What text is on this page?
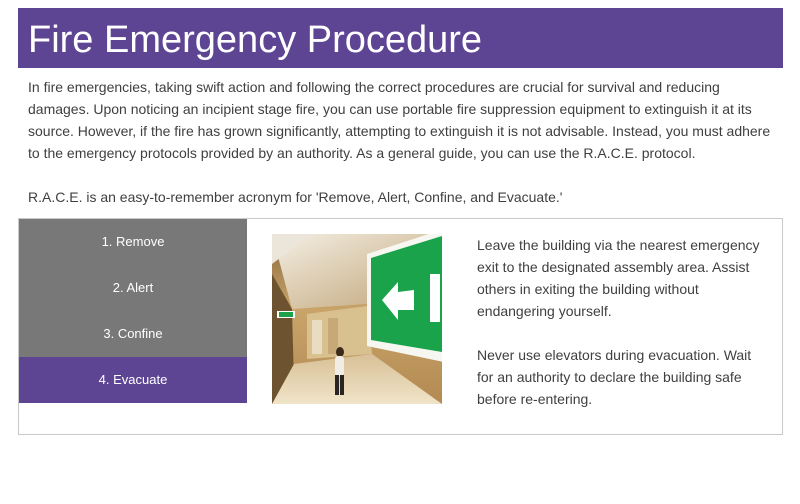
Fire Emergency Procedure

In fire emergencies, taking swift action and following the correct procedures are crucial for survival and reducing damages. Upon noticing an incipient stage fire, you can use portable fire suppression equipment to extinguish it at its source. However, if the fire has grown significantly, attempting to extinguish it is not advisable. Instead, you must adhere to the emergency protocols provided by an authority. As a general guide, you can use the R.A.C.E. protocol.

R.A.C.E. is an easy-to-remember acronym for 'Remove, Alert, Confine, and Evacuate.'

1. Remove
2. Alert
3. Confine
4. Evacuate

Leave the building via the nearest emergency exit to the designated assembly area. Assist others in exiting the building without endangering yourself.

Never use elevators during evacuation. Wait for an authority to declare the building safe before re-entering.
